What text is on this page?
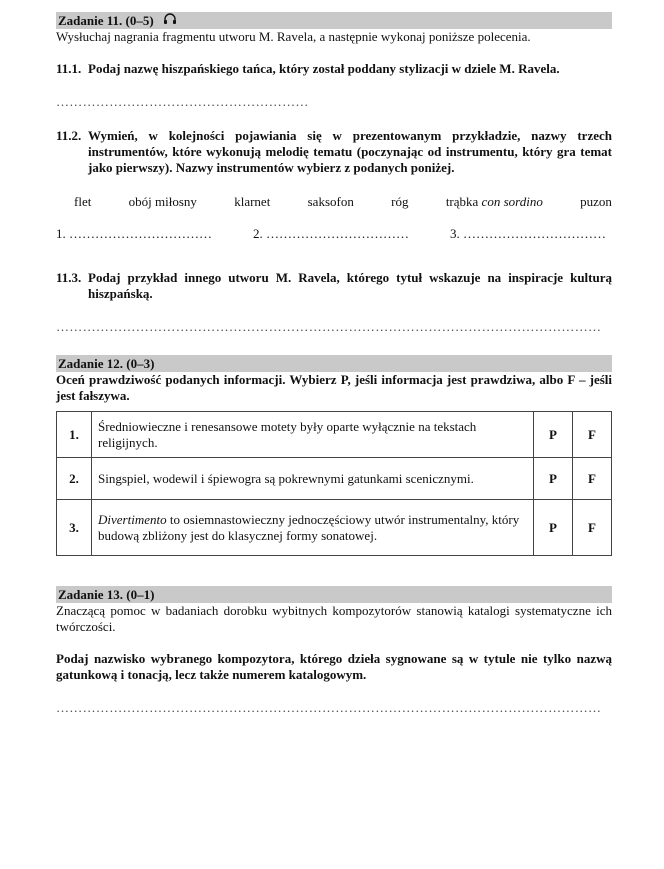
Zadanie 11. (0–5)

Wysłuchaj nagrania fragmentu utworu M. Ravela, a następnie wykonaj poniższe polecenia.

11.1. Podaj nazwę hiszpańskiego tańca, który został poddany stylizacji w dziele M. Ravela.
…………………………………………………
11.2. Wymień, w kolejności pojawiania się w prezentowanym przykładzie, nazwy trzech instrumentów, które wykonują melodię tematu (poczynając od instrumentu, który gra temat jako pierwszy). Nazwy instrumentów wybierz z podanych poniżej.
flet	obój miłosny	klarnet	saksofon	róg	trąbka con sordino	puzon
1. ……………………………	2. ……………………………	3. ……………………………
11.3. Podaj przykład innego utworu M. Ravela, którego tytuł wskazuje na inspiracje kulturą hiszpańską.
……………………………………………………………………………………………………………
Zadanie 12. (0–3)

Oceń prawdziwość podanych informacji. Wybierz P, jeśli informacja jest prawdziwa, albo F – jeśli jest fałszywa.

1.	Średniowieczne i renesansowe motety były oparte wyłącznie na tekstach religijnych.	P	F
2.	Singspiel, wodewil i śpiewogra są pokrewnymi gatunkami scenicznymi.	P	F
3.	Divertimento to osiemnastowieczny jednoczęściowy utwór instrumentalny, który budową zbliżony jest do klasycznej formy sonatowej.	P	F
Zadanie 13. (0–1)

Znaczącą pomoc w badaniach dorobku wybitnych kompozytorów stanowią katalogi systematyczne ich twórczości.

Podaj nazwisko wybranego kompozytora, którego dzieła sygnowane są w tytule nie tylko nazwą gatunkową i tonacją, lecz także numerem katalogowym.

……………………………………………………………………………………………………………
